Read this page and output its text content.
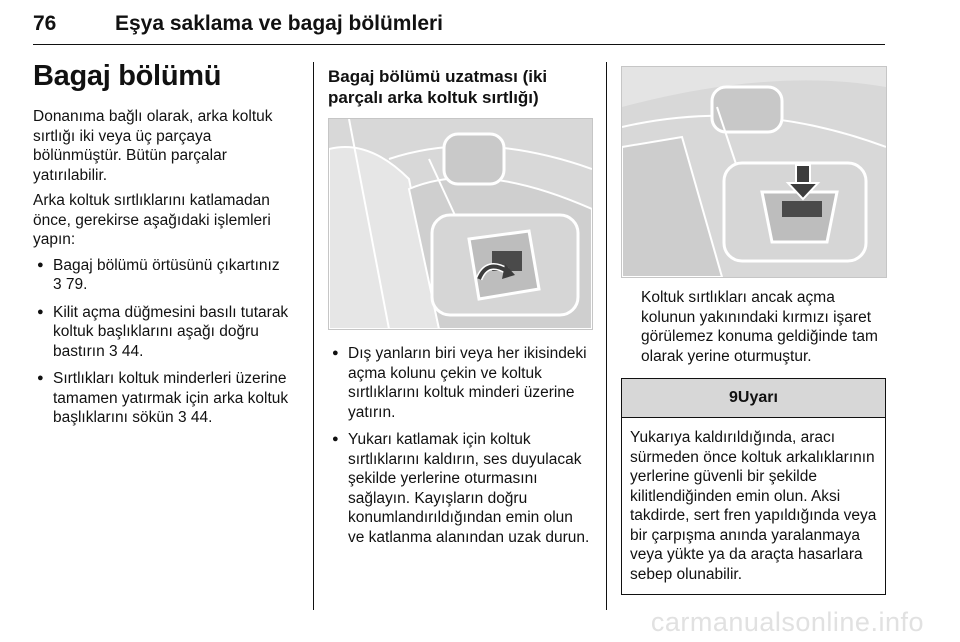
76	Eşya saklama ve bagaj bölümleri
Bagaj bölümü

Donanıma bağlı olarak, arka koltuk sırtlığı iki veya üç parçaya bölünmüştür. Bütün parçalar yatırılabilir.

Arka koltuk sırtlıklarını katlamadan önce, gerekirse aşağıdaki işlemleri yapın:

● Bagaj bölümü örtüsünü çıkartınız 3 79.
● Kilit açma düğmesini basılı tutarak koltuk başlıklarını aşağı doğru bastırın 3 44.
● Sırtlıkları koltuk minderleri üzerine tamamen yatırmak için arka koltuk başlıklarını sökün 3 44.
Bagaj bölümü uzatması (iki parçalı arka koltuk sırtlığı)
● Dış yanların biri veya her ikisindeki açma kolunu çekin ve koltuk sırtlıklarını koltuk minderi üzerine yatırın.
● Yukarı katlamak için koltuk sırtlıklarını kaldırın, ses duyulacak şekilde yerlerine oturmasını sağlayın. Kayışların doğru konumlandırıldığından emin olun ve katlanma alanından uzak durun.

Koltuk sırtlıkları ancak açma kolunun yakınındaki kırmızı işaret görülemez konuma geldiğinde tam olarak yerine oturmuştur.

9Uyarı
Yukarıya kaldırıldığında, aracı sürmeden önce koltuk arkalıklarının yerlerine güvenli bir şekilde kilitlendiğinden emin olun. Aksi takdirde, sert fren yapıldığında veya bir çarpışma anında yaralanmaya veya yükte ya da araçta hasarlara sebep olunabilir.
carmanualsonline.info
